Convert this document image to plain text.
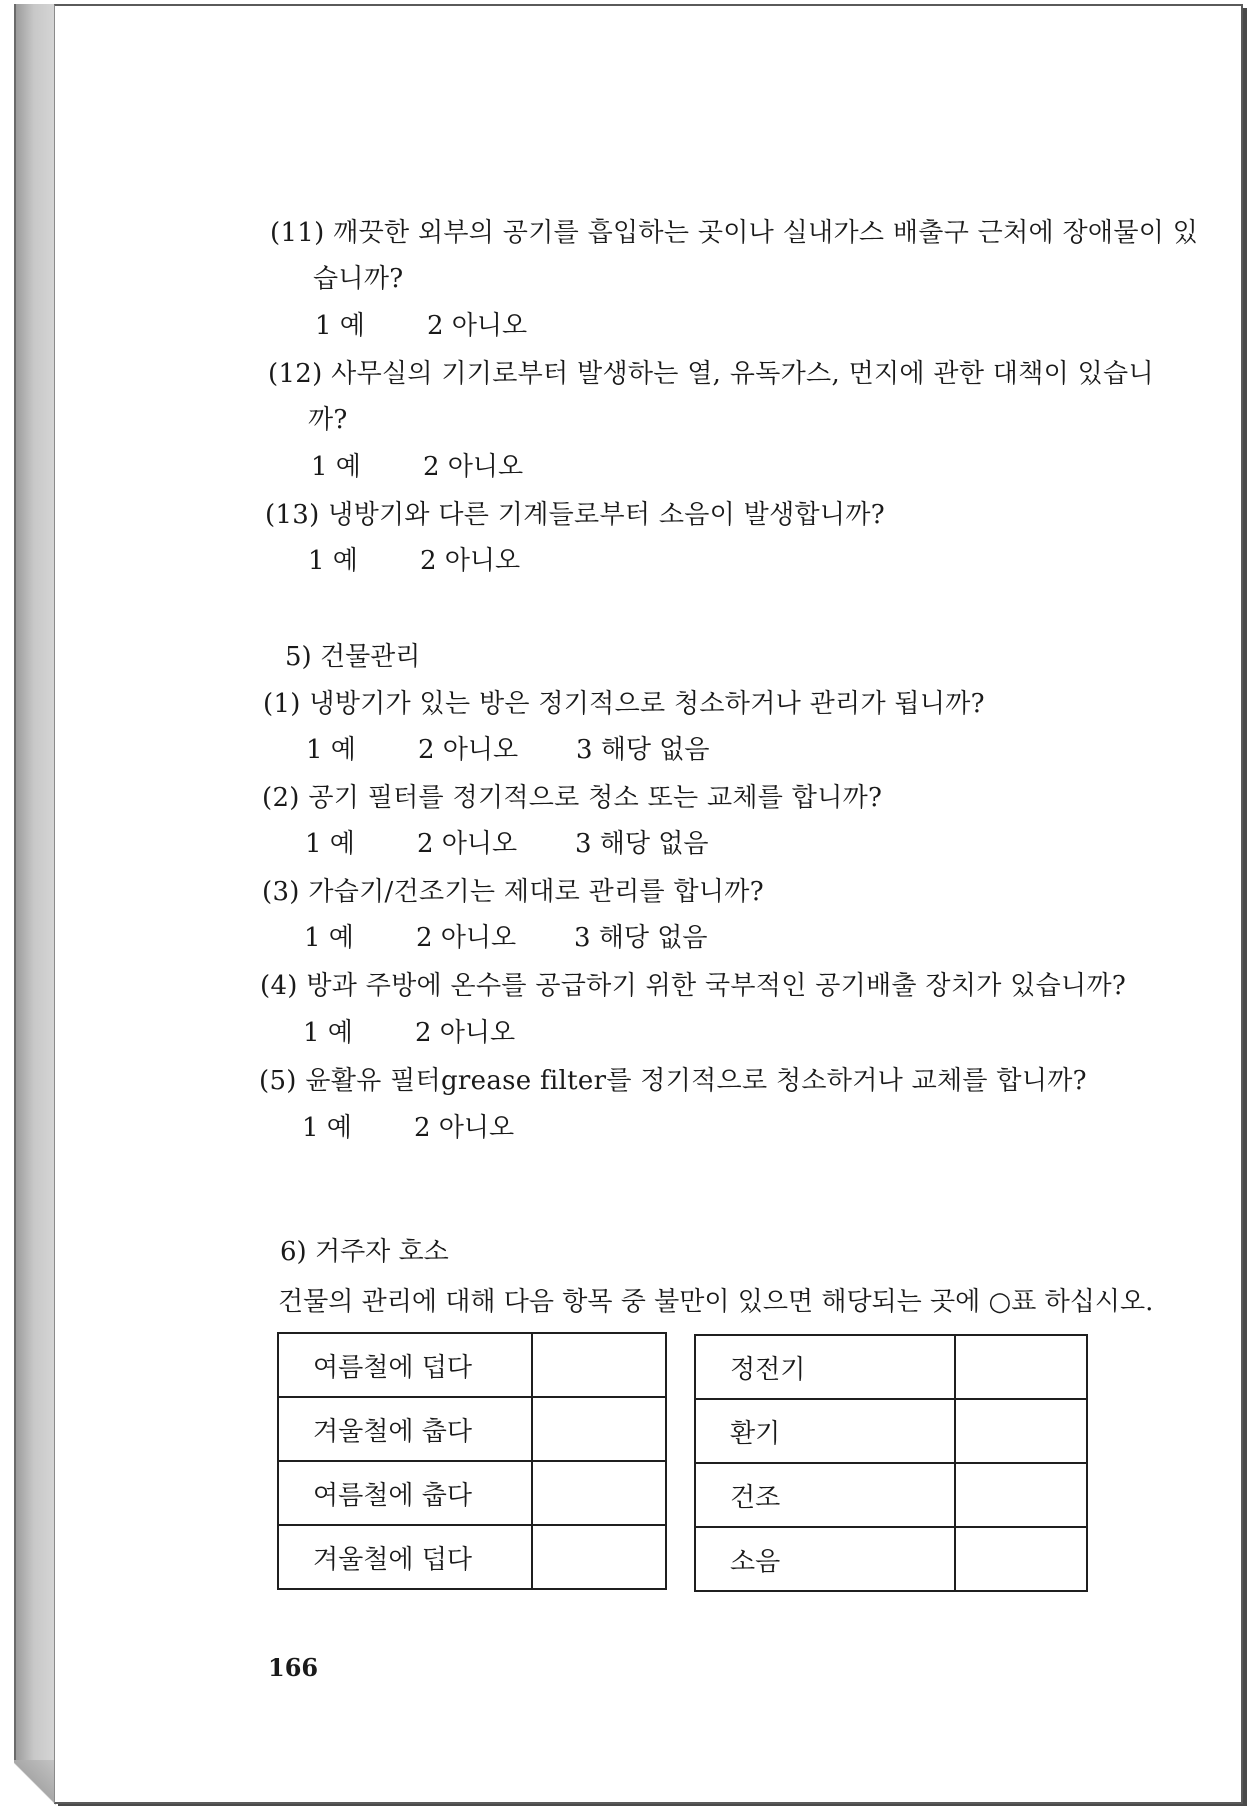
(11) 깨끗한 외부의 공기를 흡입하는 곳이나 실내가스 배출구 근처에 장애물이 있
습니까?
1 예 2 아니오
(12) 사무실의 기기로부터 발생하는 열, 유독가스, 먼지에 관한 대책이 있습니
까?
1 예 2 아니오
(13) 냉방기와 다른 기계들로부터 소음이 발생합니까?
1 예 2 아니오
5) 건물관리
(1) 냉방기가 있는 방은 정기적으로 청소하거나 관리가 됩니까?
1 예 2 아니오 3 해당 없음
(2) 공기 필터를 정기적으로 청소 또는 교체를 합니까?
1 예 2 아니오 3 해당 없음
(3) 가습기/건조기는 제대로 관리를 합니까?
1 예 2 아니오 3 해당 없음
(4) 방과 주방에 온수를 공급하기 위한 국부적인 공기배출 장치가 있습니까?
1 예 2 아니오
(5) 윤활유 필터grease filter를 정기적으로 청소하거나 교체를 합니까?
1 예 2 아니오
6) 거주자 호소
건물의 관리에 대해 다음 항목 중 불만이 있으면 해당되는 곳에 ○표 하십시오.
여름철에 덥다	
겨울철에 춥다	
여름철에 춥다	
겨울철에 덥다	
정전기	
환기	
건조	
소음	
166
